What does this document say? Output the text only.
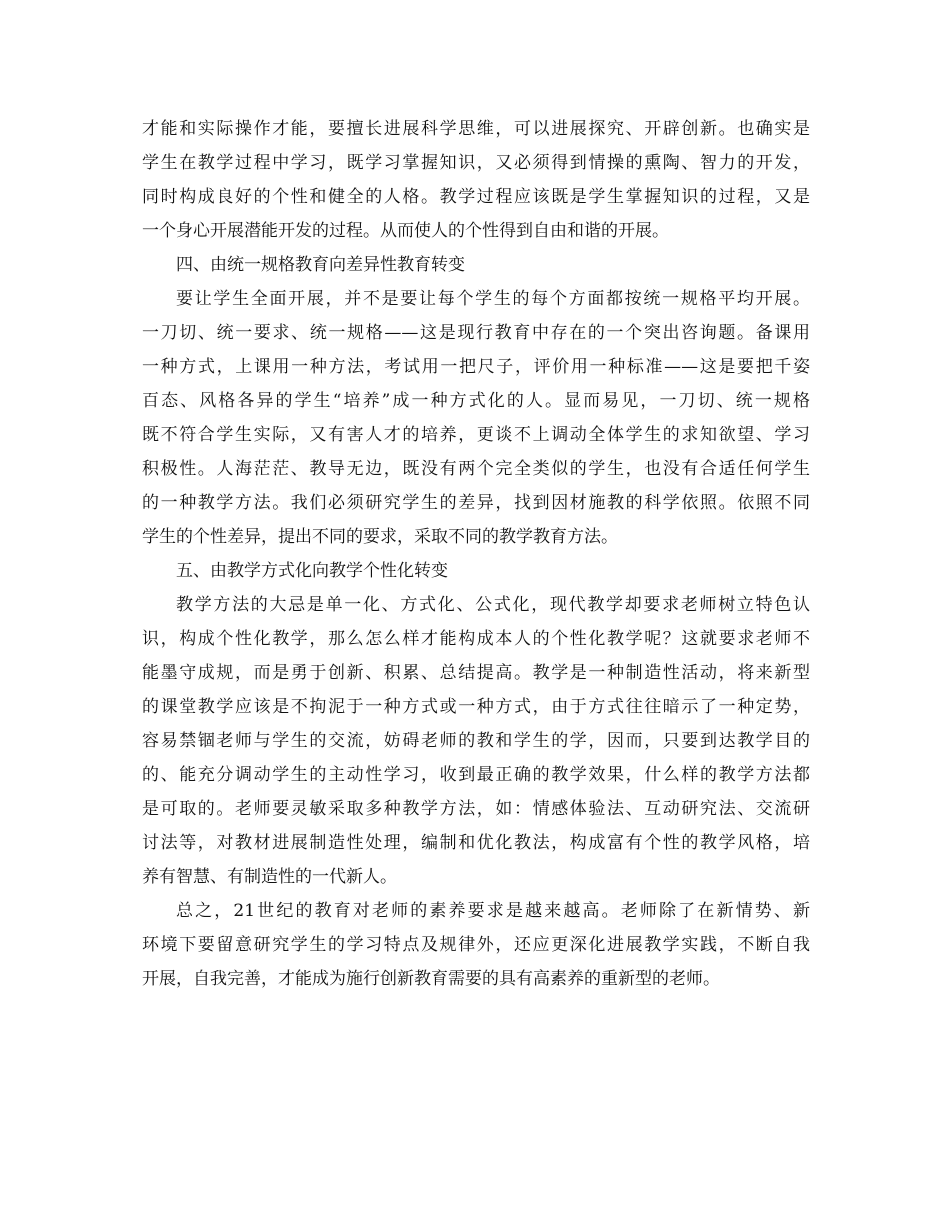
才能和实际操作才能，要擅长进展科学思维，可以进展探究、开辟创新。也确实是
学生在教学过程中学习，既学习掌握知识，又必须得到情操的熏陶、智力的开发，
同时构成良好的个性和健全的人格。教学过程应该既是学生掌握知识的过程，又是
一个身心开展潜能开发的过程。从而使人的个性得到自由和谐的开展。
四、由统一规格教育向差异性教育转变
要让学生全面开展，并不是要让每个学生的每个方面都按统一规格平均开展。
一刀切、统一要求、统一规格——这是现行教育中存在的一个突出咨询题。备课用
一种方式，上课用一种方法，考试用一把尺子，评价用一种标准——这是要把千姿
百态、风格各异的学生“培养”成一种方式化的人。显而易见，一刀切、统一规格
既不符合学生实际，又有害人才的培养，更谈不上调动全体学生的求知欲望、学习
积极性。人海茫茫、教导无边，既没有两个完全类似的学生，也没有合适任何学生
的一种教学方法。我们必须研究学生的差异，找到因材施教的科学依照。依照不同
学生的个性差异，提出不同的要求，采取不同的教学教育方法。
五、由教学方式化向教学个性化转变
教学方法的大忌是单一化、方式化、公式化，现代教学却要求老师树立特色认
识，构成个性化教学，那么怎么样才能构成本人的个性化教学呢？这就要求老师不
能墨守成规，而是勇于创新、积累、总结提高。教学是一种制造性活动，将来新型
的课堂教学应该是不拘泥于一种方式或一种方式，由于方式往往暗示了一种定势，
容易禁锢老师与学生的交流，妨碍老师的教和学生的学，因而，只要到达教学目的
的、能充分调动学生的主动性学习，收到最正确的教学效果，什么样的教学方法都
是可取的。老师要灵敏采取多种教学方法，如：情感体验法、互动研究法、交流研
讨法等，对教材进展制造性处理，编制和优化教法，构成富有个性的教学风格，培
养有智慧、有制造性的一代新人。
总之，21世纪的教育对老师的素养要求是越来越高。老师除了在新情势、新
环境下要留意研究学生的学习特点及规律外，还应更深化进展教学实践，不断自我
开展，自我完善，才能成为施行创新教育需要的具有高素养的重新型的老师。
